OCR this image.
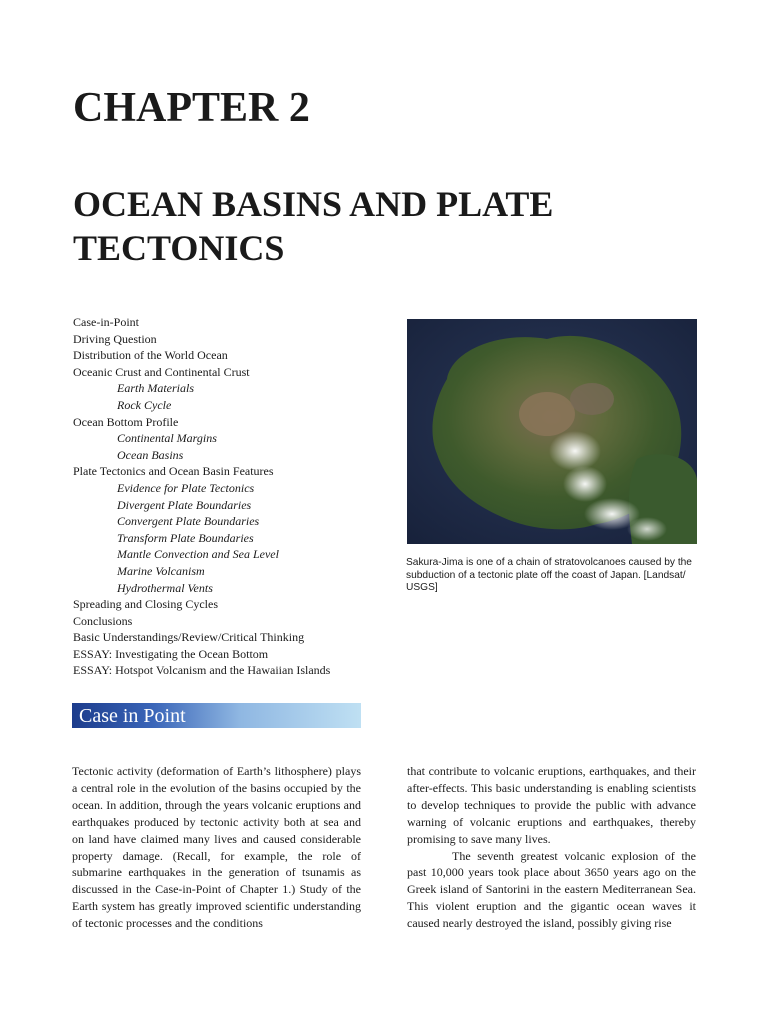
CHAPTER 2
OCEAN BASINS AND PLATE TECTONICS
Case-in-Point
Driving Question
Distribution of the World Ocean
Oceanic Crust and Continental Crust
Earth Materials
Rock Cycle
Ocean Bottom Profile
Continental Margins
Ocean Basins
Plate Tectonics and Ocean Basin Features
Evidence for Plate Tectonics
Divergent Plate Boundaries
Convergent Plate Boundaries
Transform Plate Boundaries
Mantle Convection and Sea Level
Marine Volcanism
Hydrothermal Vents
Spreading and Closing Cycles
Conclusions
Basic Understandings/Review/Critical Thinking
ESSAY: Investigating the Ocean Bottom
ESSAY: Hotspot Volcanism and the Hawaiian Islands
Sakura-Jima is one of a chain of stratovolcanoes caused by the subduction of a tectonic plate off the coast of Japan. [Landsat/ USGS]
Case in Point

Tectonic activity (deformation of Earth’s lithosphere) plays a central role in the evolution of the basins occupied by the ocean. In addition, through the years volcanic eruptions and earthquakes produced by tectonic activity both at sea and on land have claimed many lives and caused considerable property damage. (Recall, for example, the role of submarine earthquakes in the generation of tsunamis as discussed in the Case-in-Point of Chapter 1.) Study of the Earth system has greatly improved scientific understanding of tectonic processes and the conditions

that contribute to volcanic eruptions, earthquakes, and their after-effects. This basic understanding is enabling scientists to develop techniques to provide the public with advance warning of volcanic eruptions and earthquakes, thereby promising to save many lives.

The seventh greatest volcanic explosion of the past 10,000 years took place about 3650 years ago on the Greek island of Santorini in the eastern Mediterranean Sea. This violent eruption and the gigantic ocean waves it caused nearly destroyed the island, possibly giving rise
